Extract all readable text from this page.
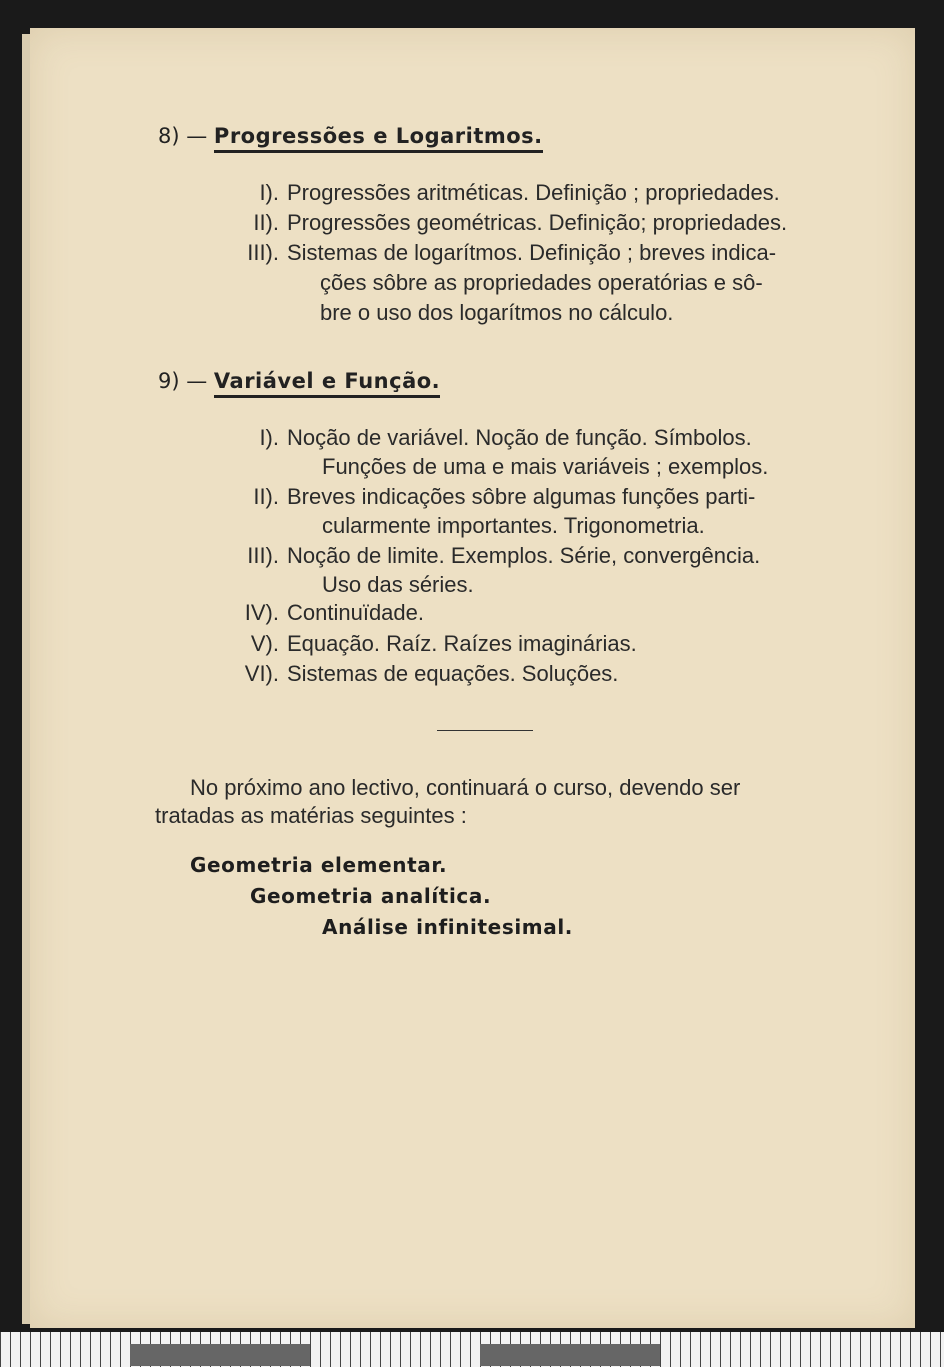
8) — Progressões e Logaritmos.
I). Progressões aritméticas. Definição ; propriedades.
II). Progressões geométricas. Definição; propriedades.
III). Sistemas de logarítmos. Definição ; breves indica-
ções sôbre as propriedades operatórias e sô-
bre o uso dos logarítmos no cálculo.
9) — Variável e Função.
I). Noção de variável. Noção de função. Símbolos.
Funções de uma e mais variáveis ; exemplos.
II). Breves indicações sôbre algumas funções parti-
cularmente importantes. Trigonometria.
III). Noção de limite. Exemplos. Série, convergência.
Uso das séries.
IV). Continuïdade.
V). Equação. Raíz. Raízes imaginárias.
VI). Sistemas de equações. Soluções.
No próximo ano lectivo, continuará o curso, devendo ser
tratadas as matérias seguintes :
Geometria elementar.
Geometria analítica.
Análise infinitesimal.
